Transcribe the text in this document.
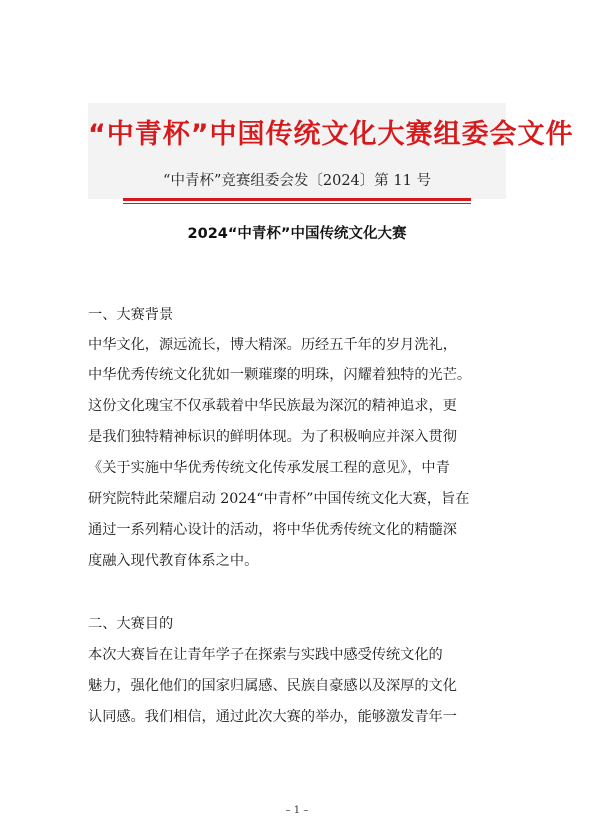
“中青杯”中国传统文化大赛组委会文件
“中青杯”竞赛组委会发〔2024〕第 11 号
2024“中青杯”中国传统文化大赛
一、大赛背景
中华文化，源远流长，博大精深。历经五千年的岁月洗礼，
中华优秀传统文化犹如一颗璀璨的明珠，闪耀着独特的光芒。
这份文化瑰宝不仅承载着中华民族最为深沉的精神追求，更
是我们独特精神标识的鲜明体现。为了积极响应并深入贯彻
《关于实施中华优秀传统文化传承发展工程的意见》，中青
研究院特此荣耀启动 2024“中青杯”中国传统文化大赛，旨在
通过一系列精心设计的活动，将中华优秀传统文化的精髓深
度融入现代教育体系之中。
二、大赛目的
本次大赛旨在让青年学子在探索与实践中感受传统文化的
魅力，强化他们的国家归属感、民族自豪感以及深厚的文化
认同感。我们相信，通过此次大赛的举办，能够激发青年一
– 1 –
